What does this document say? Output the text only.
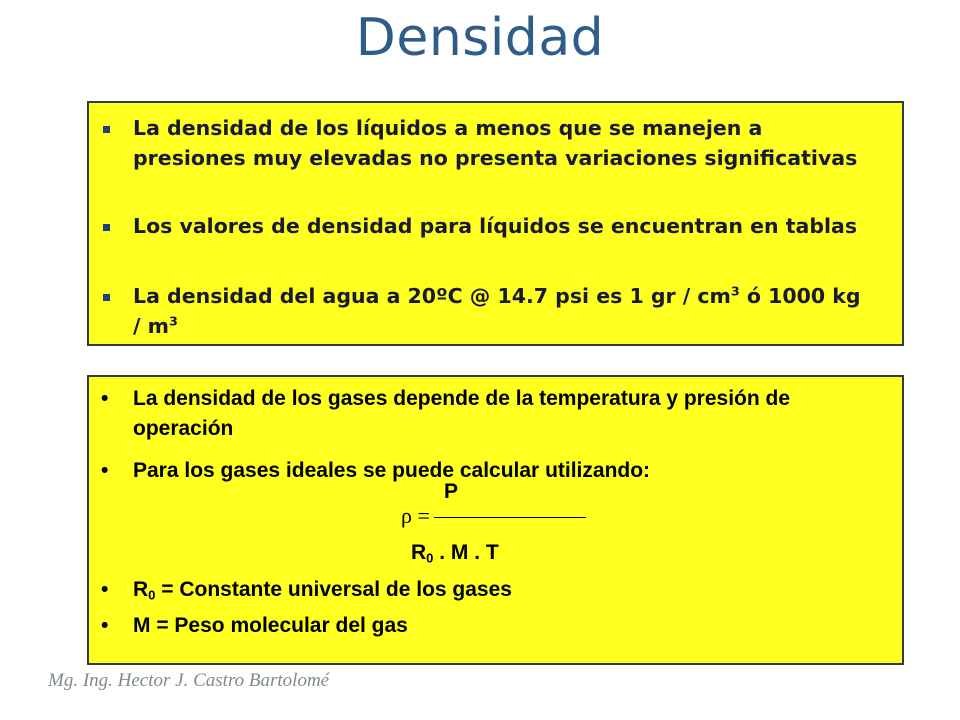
Densidad
La densidad de los líquidos a menos que se manejen a presiones muy elevadas no presenta variaciones significativas
Los valores de densidad para líquidos se encuentran en tablas
La densidad del agua a 20ºC @ 14.7 psi es 1 gr / $cm^3$ ó 1000 kg / $m^3$
• La densidad de los gases depende de la temperatura y presión de operación
• Para los gases ideales se puede calcular utilizando:
P
ρ =
$R_0$ . M . T
• $R_0$ = Constante universal de los gases
• M = Peso molecular del gas
Mg. Ing. Hector J. Castro Bartolomé
